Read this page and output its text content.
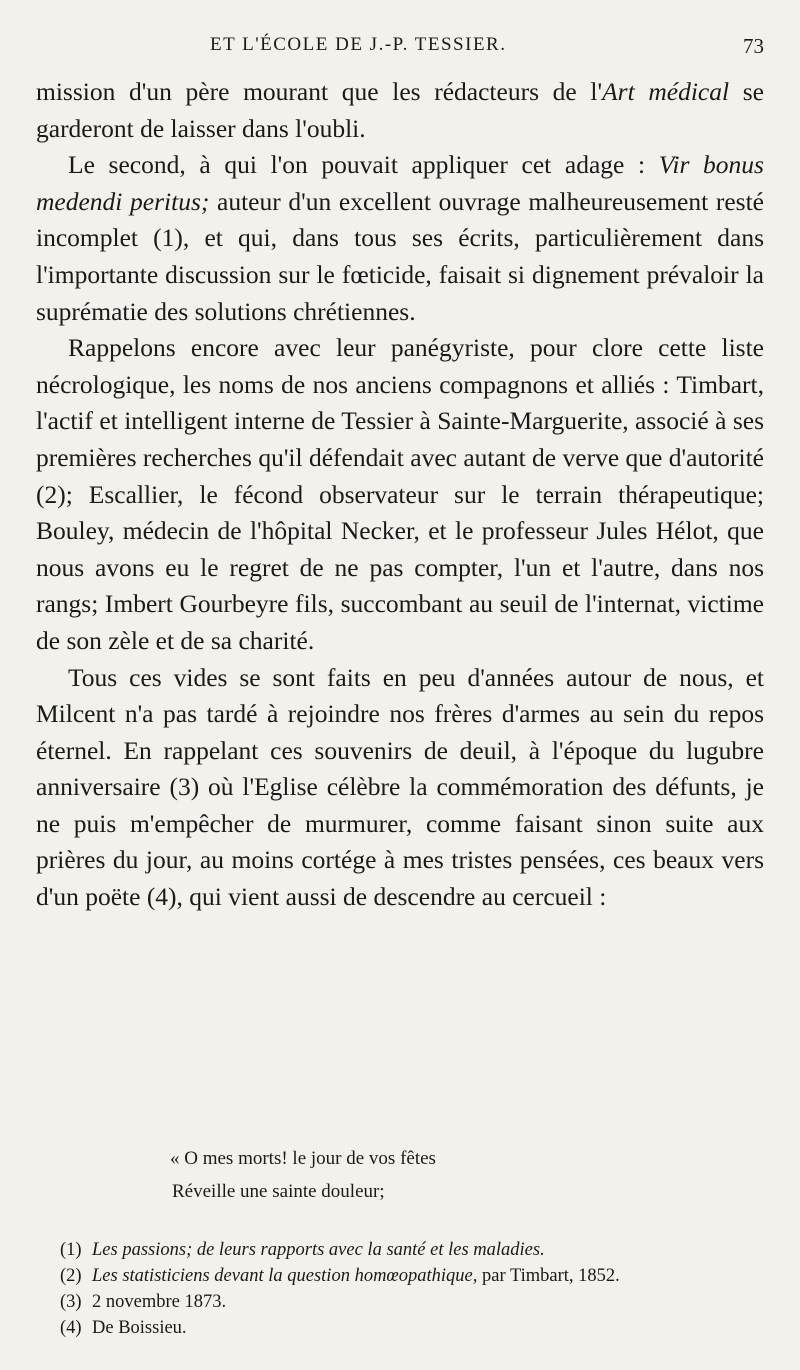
ET L'ÉCOLE DE J.-P. TESSIER.	73

mission d'un père mourant que les rédacteurs de l'Art médical se garderont de laisser dans l'oubli.

Le second, à qui l'on pouvait appliquer cet adage : Vir bonus medendi peritus; auteur d'un excellent ouvrage malheureusement resté incomplet (1), et qui, dans tous ses écrits, particulièrement dans l'importante discussion sur le fœticide, faisait si dignement prévaloir la suprématie des solutions chrétiennes.

Rappelons encore avec leur panégyriste, pour clore cette liste nécrologique, les noms de nos anciens compagnons et alliés : Timbart, l'actif et intelligent interne de Tessier à Sainte-Marguerite, associé à ses premières recherches qu'il défendait avec autant de verve que d'autorité (2); Escallier, le fécond observateur sur le terrain thérapeutique; Bouley, médecin de l'hôpital Necker, et le professeur Jules Hélot, que nous avons eu le regret de ne pas compter, l'un et l'autre, dans nos rangs; Imbert Gourbeyre fils, succombant au seuil de l'internat, victime de son zèle et de sa charité.

Tous ces vides se sont faits en peu d'années autour de nous, et Milcent n'a pas tardé à rejoindre nos frères d'armes au sein du repos éternel. En rappelant ces souvenirs de deuil, à l'époque du lugubre anniversaire (3) où l'Eglise célèbre la commémoration des défunts, je ne puis m'empêcher de murmurer, comme faisant sinon suite aux prières du jour, au moins cortége à mes tristes pensées, ces beaux vers d'un poëte (4), qui vient aussi de descendre au cercueil :

« O mes morts! le jour de vos fêtes
Réveille une sainte douleur;
(1) Les passions; de leurs rapports avec la santé et les maladies.
(2) Les statisticiens devant la question homœopathique, par Timbart, 1852.
(3) 2 novembre 1873.
(4) De Boissieu.
